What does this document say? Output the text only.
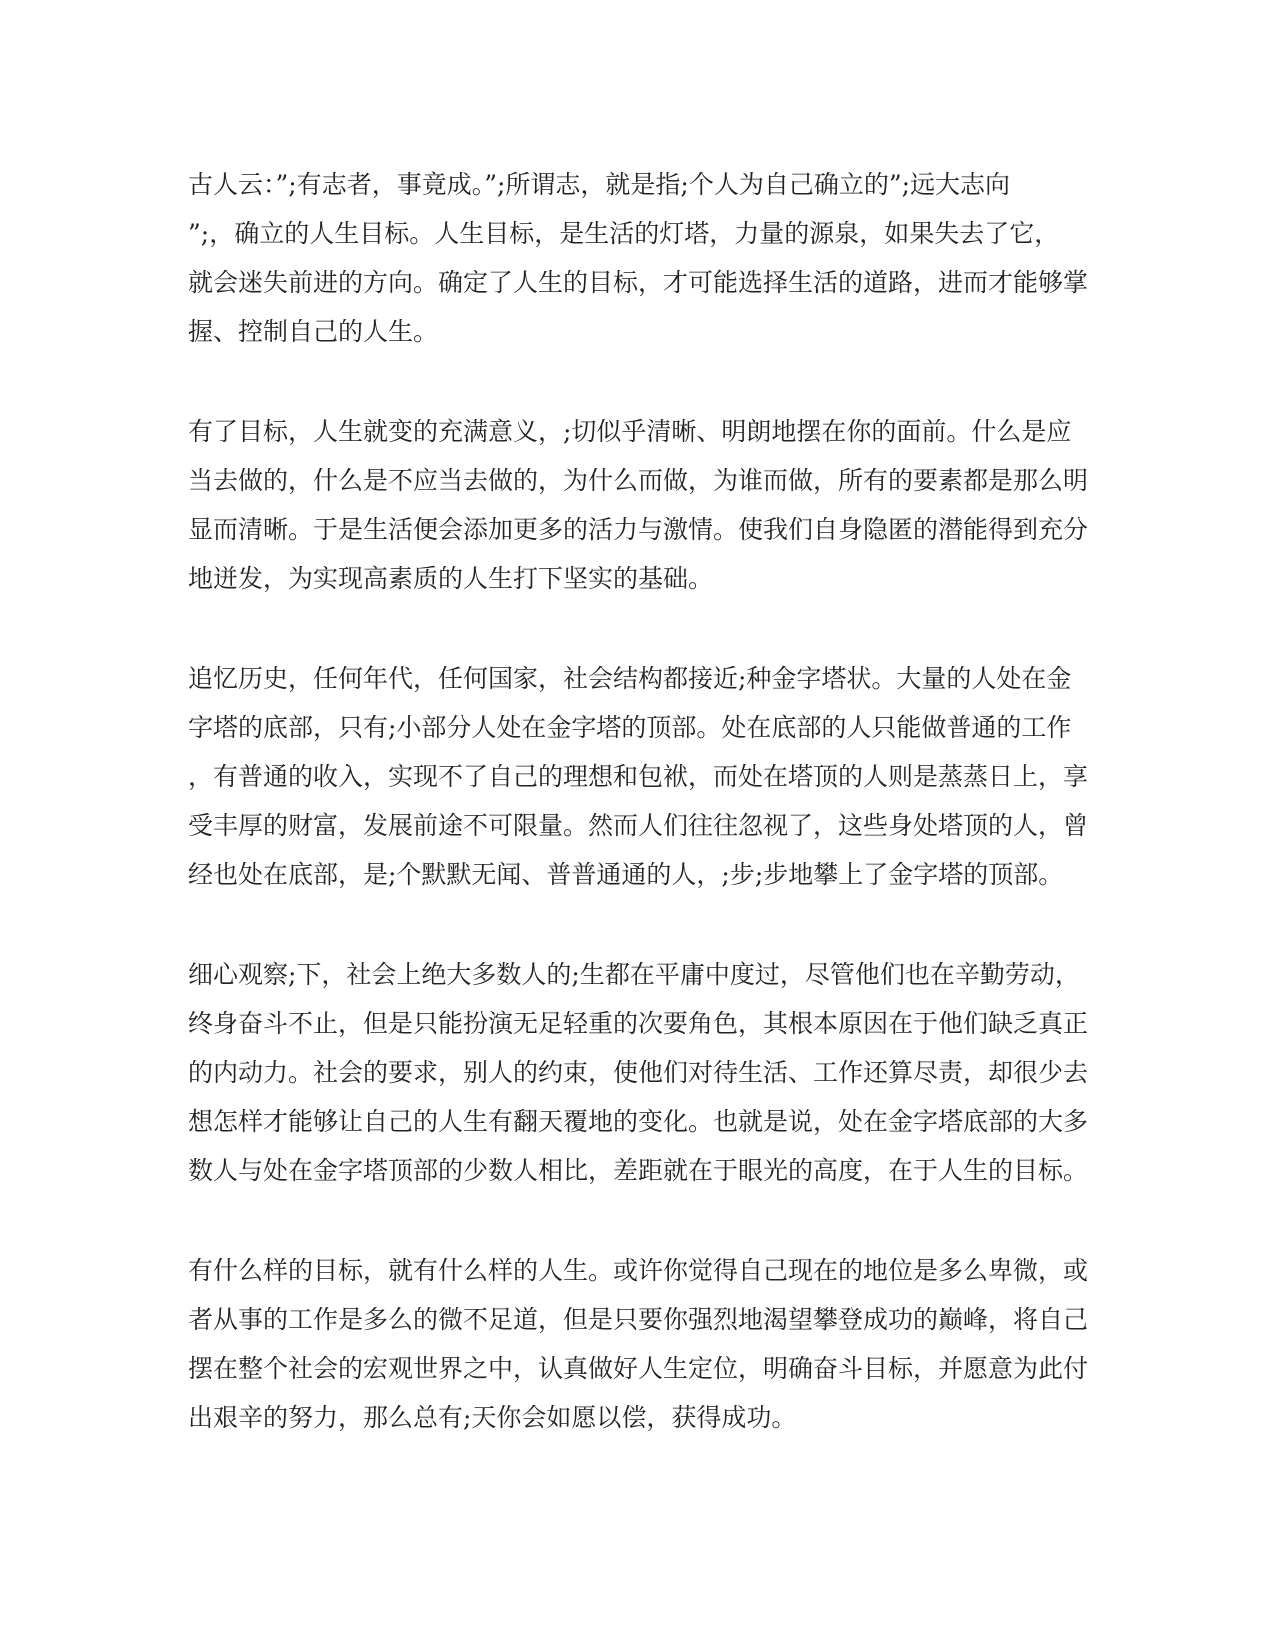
古人云：”;有志者，事竟成。”;所谓志，就是指;个人为自己确立的”;远大志向
”;，确立的人生目标。人生目标，是生活的灯塔，力量的源泉，如果失去了它，
就会迷失前进的方向。确定了人生的目标，才可能选择生活的道路，进而才能够掌
握、控制自己的人生。

有了目标，人生就变的充满意义，;切似乎清晰、明朗地摆在你的面前。什么是应
当去做的，什么是不应当去做的，为什么而做，为谁而做，所有的要素都是那么明
显而清晰。于是生活便会添加更多的活力与激情。使我们自身隐匿的潜能得到充分
地迸发，为实现高素质的人生打下坚实的基础。

追忆历史，任何年代，任何国家，社会结构都接近;种金字塔状。大量的人处在金
字塔的底部，只有;小部分人处在金字塔的顶部。处在底部的人只能做普通的工作
，有普通的收入，实现不了自己的理想和包袱，而处在塔顶的人则是蒸蒸日上，享
受丰厚的财富，发展前途不可限量。然而人们往往忽视了，这些身处塔顶的人，曾
经也处在底部，是;个默默无闻、普普通通的人，;步;步地攀上了金字塔的顶部。

细心观察;下，社会上绝大多数人的;生都在平庸中度过，尽管他们也在辛勤劳动，
终身奋斗不止，但是只能扮演无足轻重的次要角色，其根本原因在于他们缺乏真正
的内动力。社会的要求，别人的约束，使他们对待生活、工作还算尽责，却很少去
想怎样才能够让自己的人生有翻天覆地的变化。也就是说，处在金字塔底部的大多
数人与处在金字塔顶部的少数人相比，差距就在于眼光的高度，在于人生的目标。

有什么样的目标，就有什么样的人生。或许你觉得自己现在的地位是多么卑微，或
者从事的工作是多么的微不足道，但是只要你强烈地渴望攀登成功的巅峰，将自己
摆在整个社会的宏观世界之中，认真做好人生定位，明确奋斗目标，并愿意为此付
出艰辛的努力，那么总有;天你会如愿以偿，获得成功。
